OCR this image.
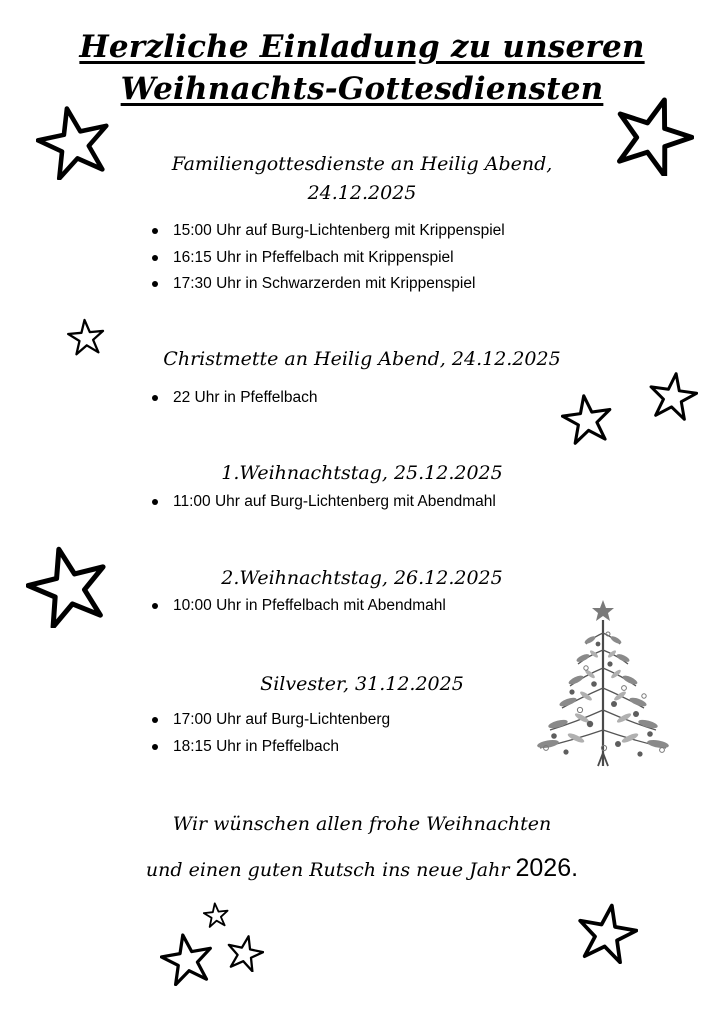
Herzliche Einladung zu unseren
Weihnachts-Gottesdiensten
Familiengottesdienste an Heilig Abend,
24.12.2025
15:00 Uhr auf Burg-Lichtenberg mit Krippenspiel
16:15 Uhr in Pfeffelbach mit Krippenspiel
17:30 Uhr in Schwarzerden mit Krippenspiel
Christmette an Heilig Abend, 24.12.2025
22 Uhr in Pfeffelbach
1.Weihnachtstag, 25.12.2025
11:00 Uhr auf Burg-Lichtenberg mit Abendmahl
2.Weihnachtstag, 26.12.2025
10:00 Uhr in Pfeffelbach mit Abendmahl
Silvester, 31.12.2025
17:00 Uhr auf Burg-Lichtenberg
18:15 Uhr in Pfeffelbach
Wir wünschen allen frohe Weihnachten
und einen guten Rutsch ins neue Jahr 2026.
